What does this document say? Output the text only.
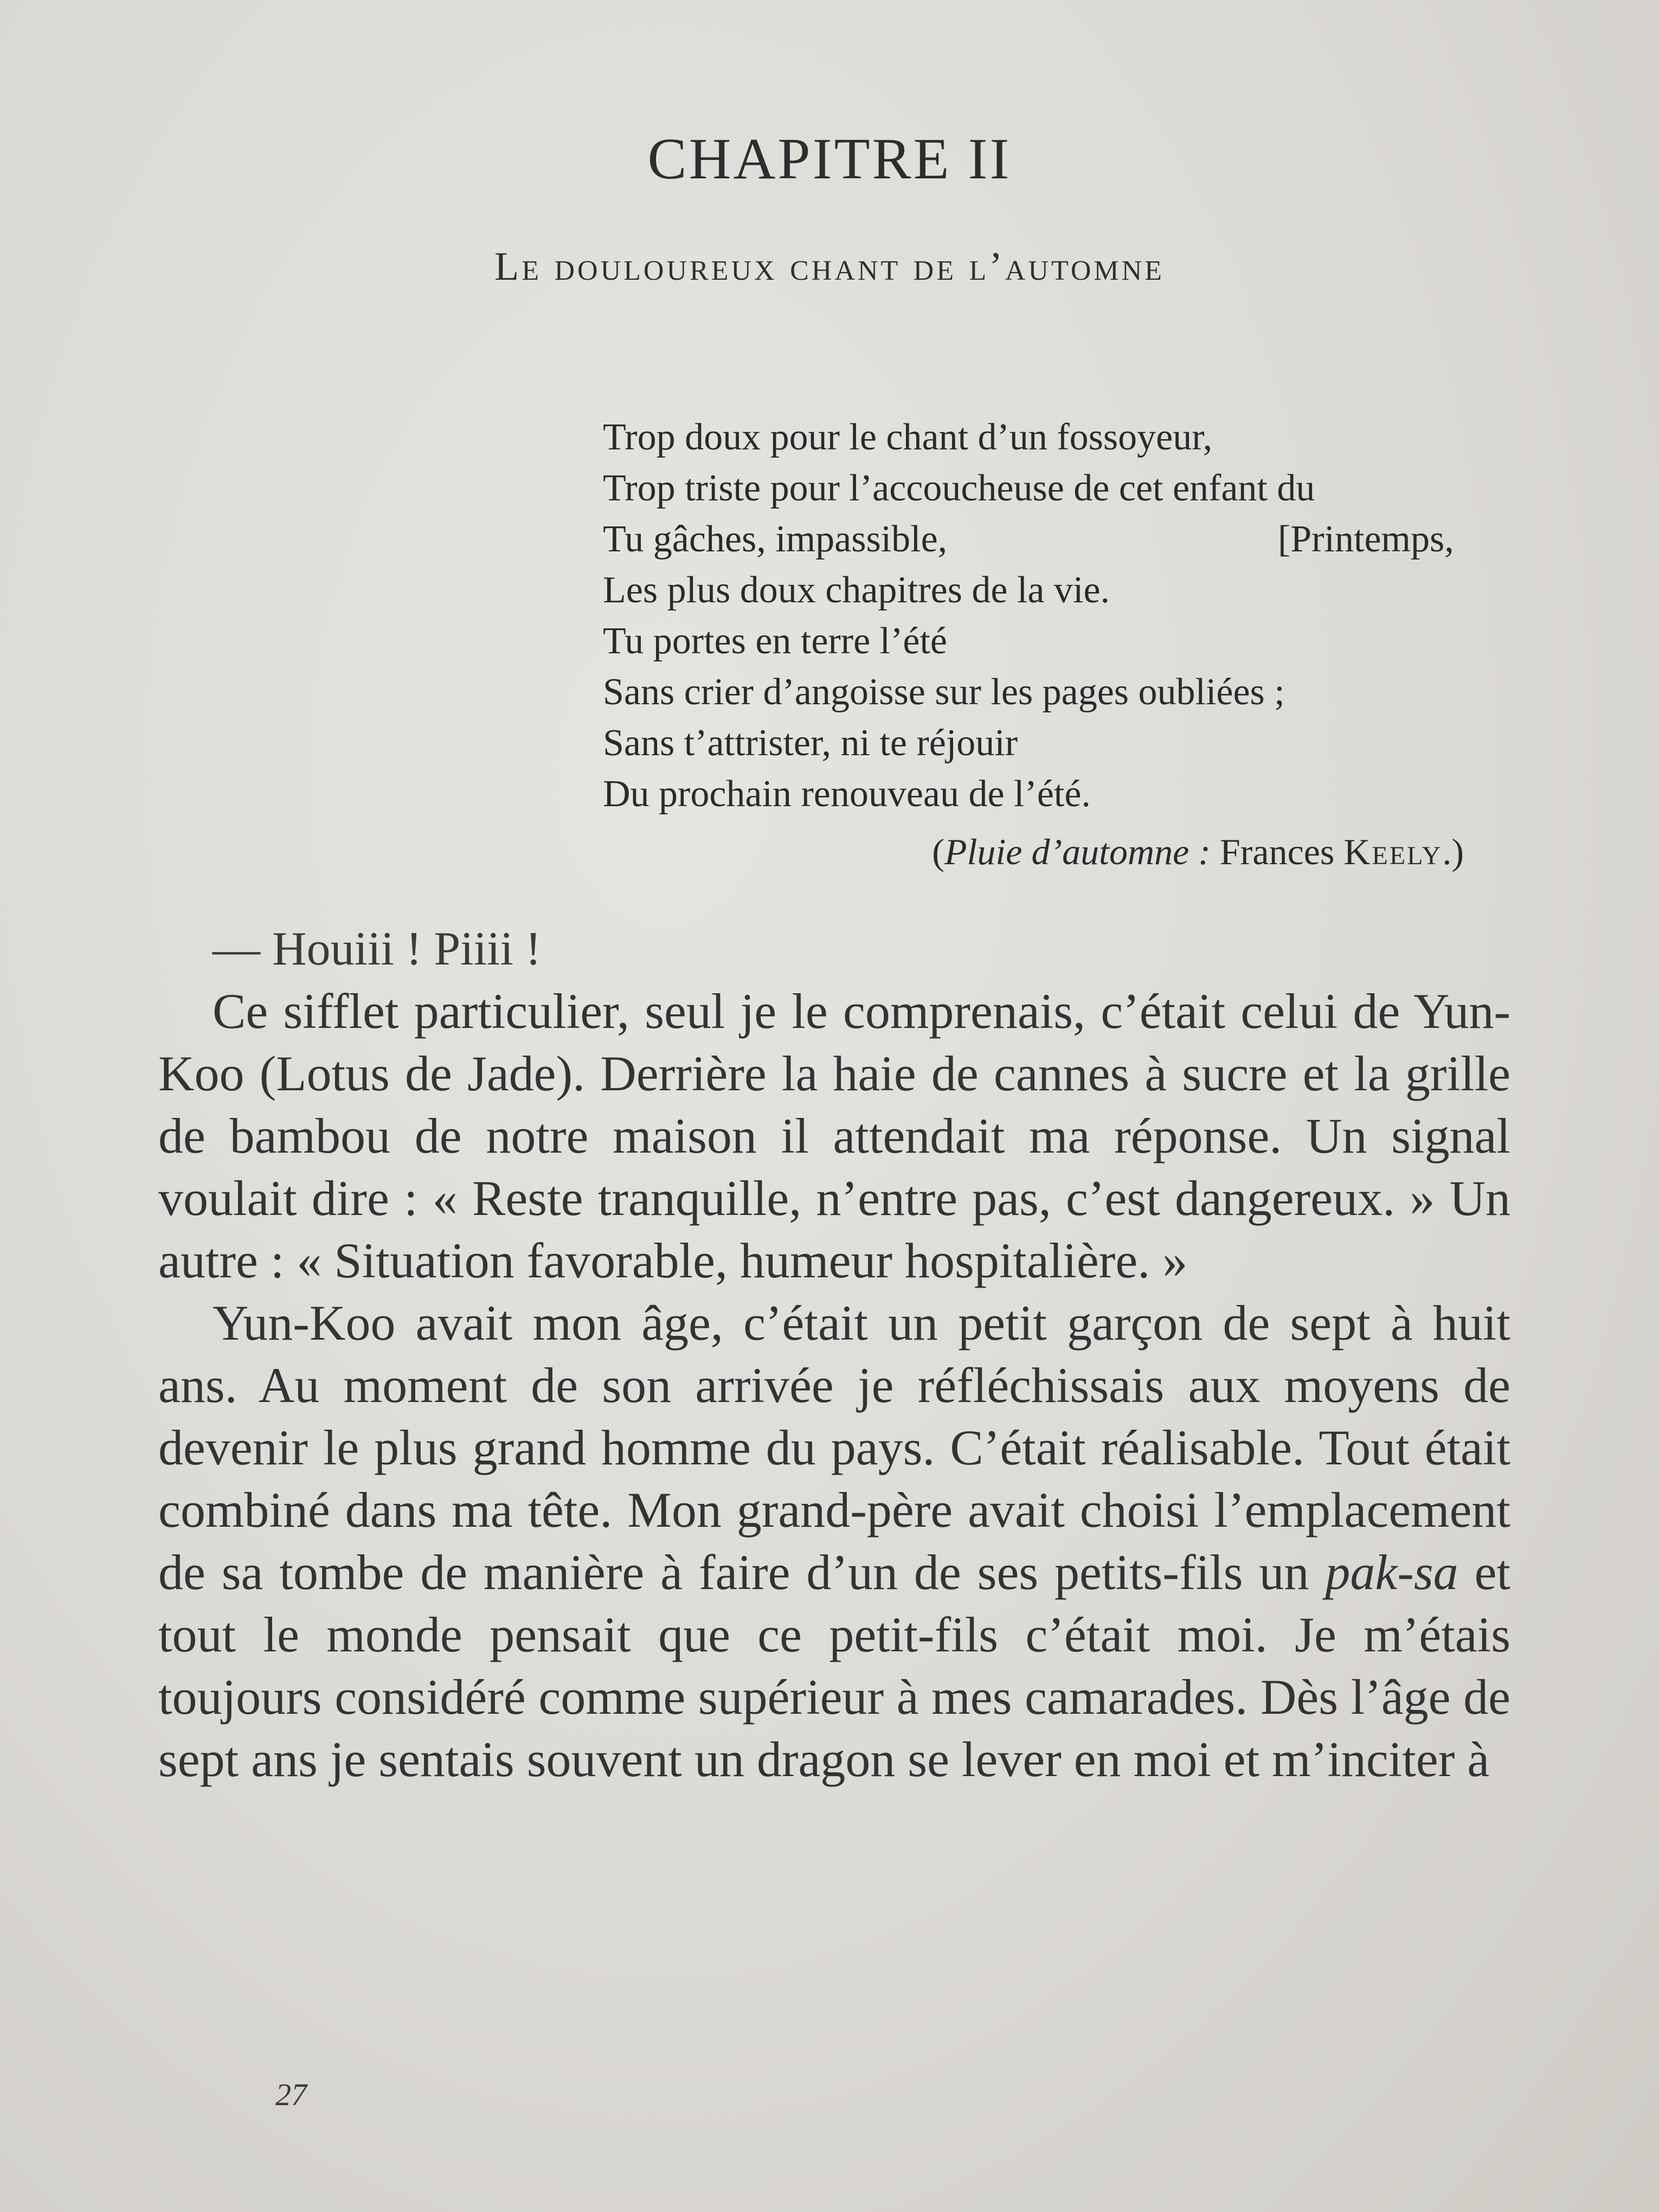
CHAPITRE II
Le douloureux chant de l’automne
Trop doux pour le chant d’un fossoyeur,
Trop triste pour l’accoucheuse de cet enfant du
Tu gâches, impassible,	[Printemps,
Les plus doux chapitres de la vie.
Tu portes en terre l’été
Sans crier d’angoisse sur les pages oubliées ;
Sans t’attrister, ni te réjouir
Du prochain renouveau de l’été.
(Pluie d’automne : Frances Keely.)
— Houiii ! Piiii !

Ce sifflet particulier, seul je le comprenais, c’était celui de Yun-Koo (Lotus de Jade). Derrière la haie de cannes à sucre et la grille de bambou de notre maison il attendait ma réponse. Un signal voulait dire : « Reste tranquille, n’entre pas, c’est dangereux. » Un autre : « Situation favorable, humeur hospitalière. »

Yun-Koo avait mon âge, c’était un petit garçon de sept à huit ans. Au moment de son arrivée je réfléchissais aux moyens de devenir le plus grand homme du pays. C’était réalisable. Tout était combiné dans ma tête. Mon grand-père avait choisi l’emplacement de sa tombe de manière à faire d’un de ses petits-fils un pak-sa et tout le monde pensait que ce petit-fils c’était moi. Je m’étais toujours considéré comme supérieur à mes camarades. Dès l’âge de sept ans je sentais souvent un dragon se lever en moi et m’inciter à

27
